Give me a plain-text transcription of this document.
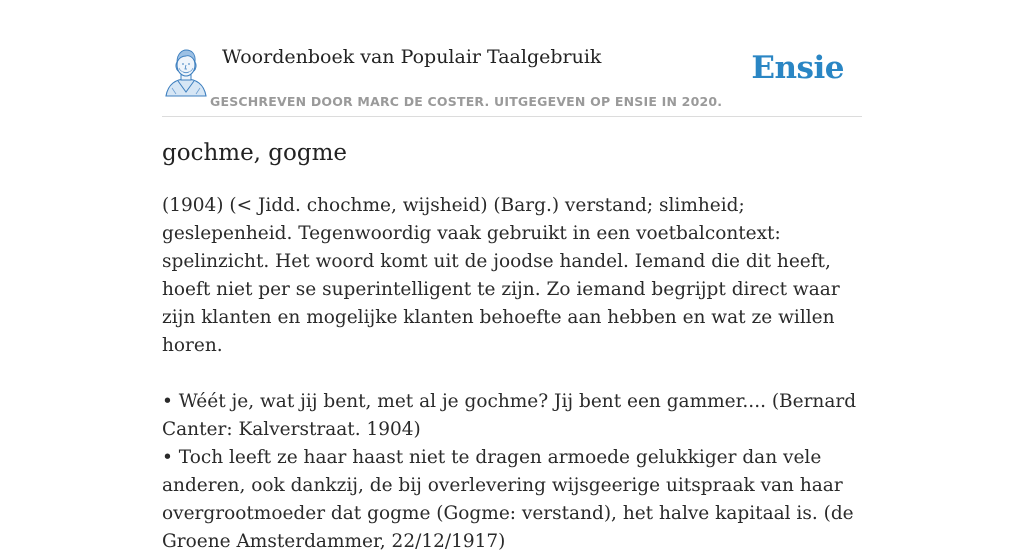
Woordenboek van Populair Taalgebruik
GESCHREVEN DOOR MARC DE COSTER. UITGEGEVEN OP ENSIE IN 2020.
Ensie
gochme, gogme

(1904) (< Jidd. chochme, wijsheid) (Barg.) verstand; slimheid; geslepenheid. Tegenwoordig vaak gebruikt in een voetbalcontext: spelinzicht. Het woord komt uit de joodse handel. Iemand die dit heeft, hoeft niet per se superintelligent te zijn. Zo iemand begrijpt direct waar zijn klanten en mogelijke klanten behoefte aan hebben en wat ze willen horen.

• Wéét je, wat jij bent, met al je gochme? Jij bent een gammer.... (Bernard Canter: Kalverstraat. 1904)

• Toch leeft ze haar haast niet te dragen armoede gelukkiger dan vele anderen, ook dankzij, de bij overlevering wijsgeerige uitspraak van haar overgrootmoeder dat gogme (Gogme: verstand), het halve kapitaal is. (de Groene Amsterdammer, 22/12/1917)
